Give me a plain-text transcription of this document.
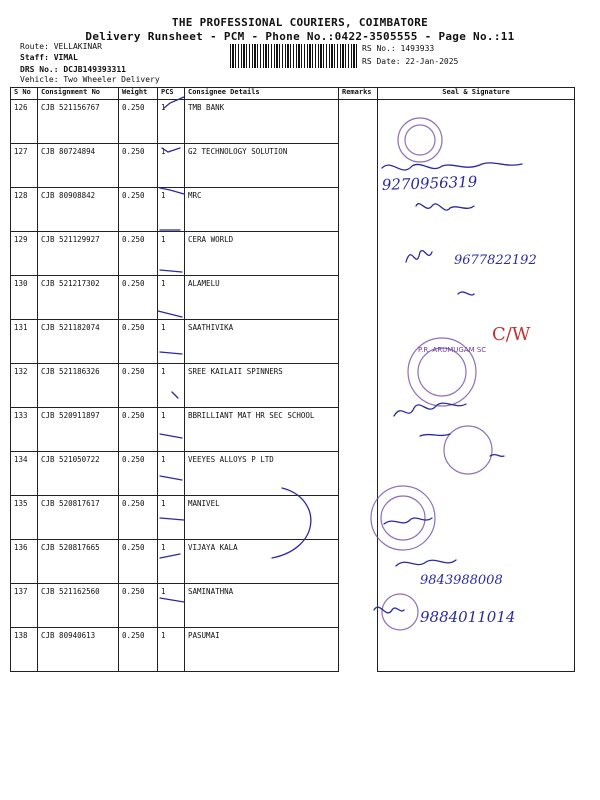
THE PROFESSIONAL COURIERS, COIMBATORE
Delivery Runsheet - PCM - Phone No.:0422-3505555 - Page No.:11
Route: VELLAKINAR
Staff: VIMAL
DRS No.: DCJB149393311
Vehicle: Two Wheeler Delivery
RS No.: 1493933
RS Date: 22-Jan-2025
S No	Consignment No	Weight	PCS	Consignee Details	Remarks	Seal & Signature
126	CJB 521156767	0.250	1	TMB BANK		
127	CJB 80724894	0.250	1	G2 TECHNOLOGY SOLUTION		
128	CJB 80908842	0.250	1	MRC		
129	CJB 521129927	0.250	1	CERA WORLD		
130	CJB 521217302	0.250	1	ALAMELU		
131	CJB 521182074	0.250	1	SAATHIVIKA		
132	CJB 521186326	0.250	1	SREE KAILAII SPINNERS		
133	CJB 520911897	0.250	1	BBRILLIANT MAT HR SEC SCHOOL		
134	CJB 521050722	0.250	1	VEEYES ALLOYS P LTD		
135	CJB 520817617	0.250	1	MANIVEL		
136	CJB 520817665	0.250	1	VIJAYA KALA		
137	CJB 521162560	0.250	1	SAMINATHNA		
138	CJB 80940613	0.250	1	PASUMAI		
P.R. ARUMUGAM SC
9270956319
9677822192
C/W
9843988008
9884011014
